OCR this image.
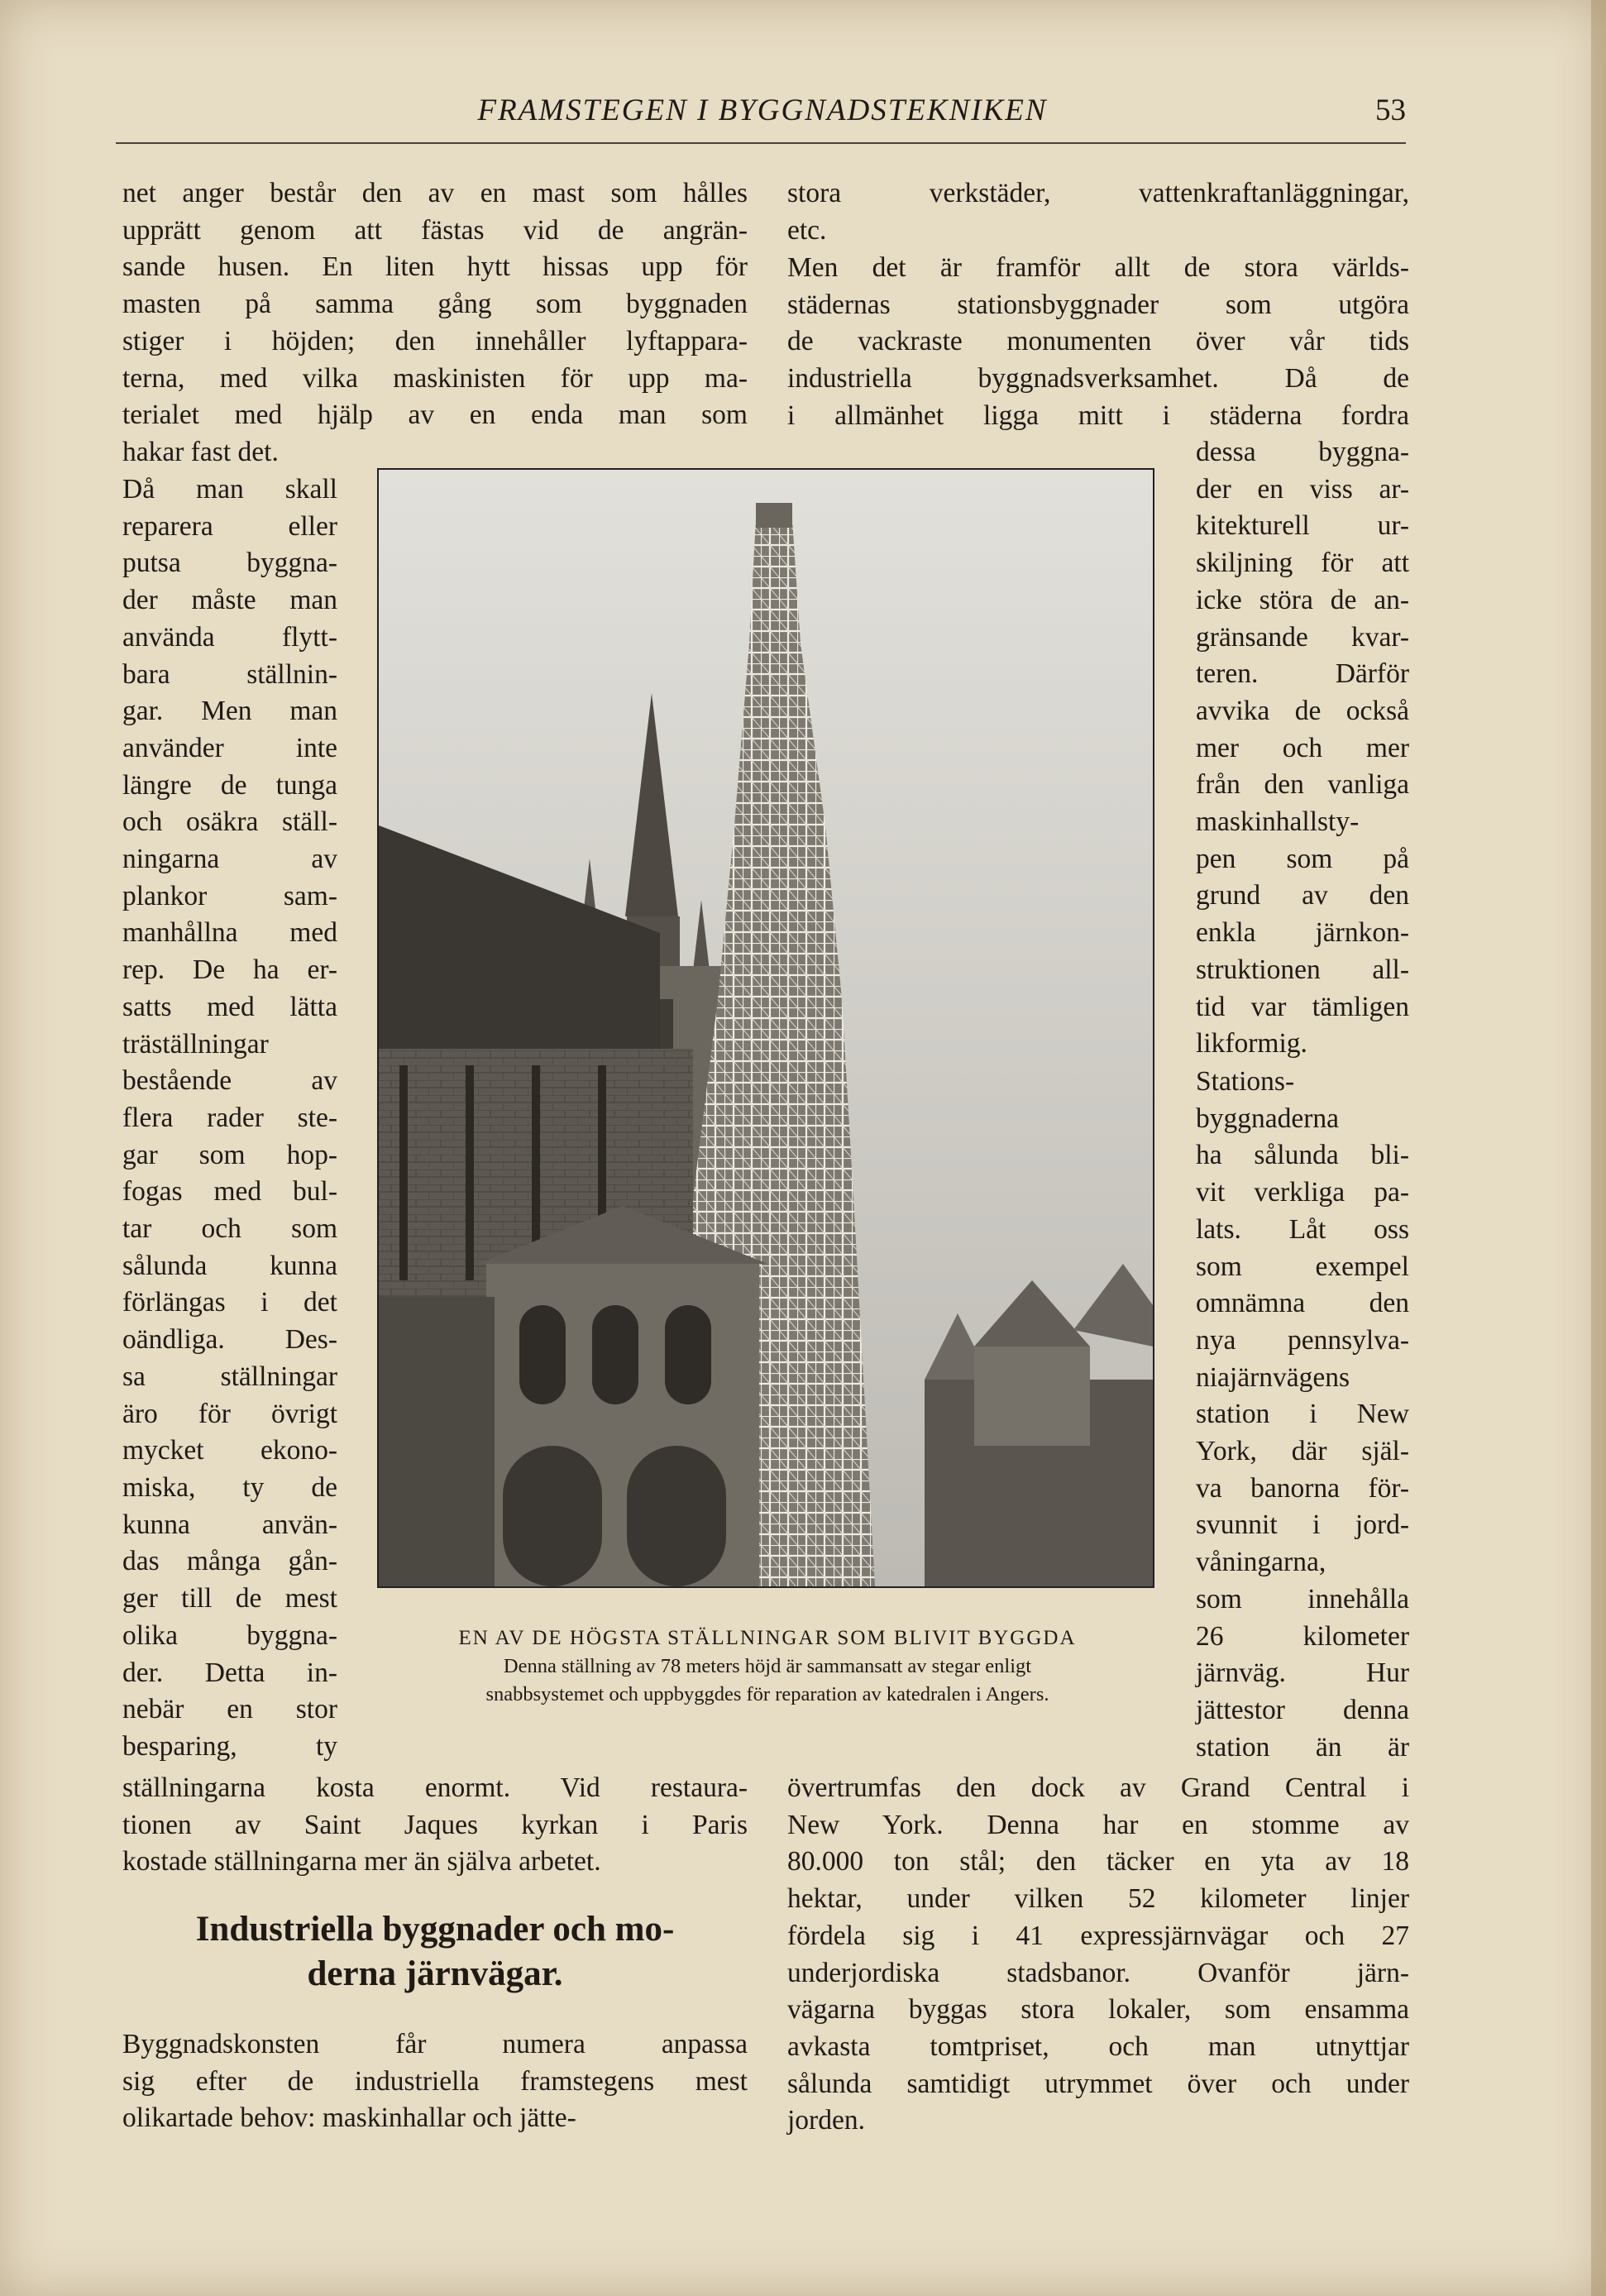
FRAMSTEGEN I BYGGNADSTEKNIKEN	53
net anger består den av en mast som hålles
upprätt genom att fästas vid de angrän-
sande husen. En liten hytt hissas upp för
masten på samma gång som byggnaden
stiger i höjden; den innehåller lyftappara-
terna, med vilka maskinisten för upp ma-
terialet med hjälp av en enda man som
hakar fast det.
Då man skall
reparera eller
putsa byggna-
der måste man
använda flytt-
bara ställnin-
gar. Men man
använder inte
längre de tunga
och osäkra ställ-
ningarna av
plankor sam-
manhållna med
rep. De ha er-
satts med lätta
träställningar
bestående av
flera rader ste-
gar som hop-
fogas med bul-
tar och som
sålunda kunna
förlängas i det
oändliga. Des-
sa ställningar
äro för övrigt
mycket ekono-
miska, ty de
kunna använ-
das många gån-
ger till de mest
olika byggna-
der. Detta in-
nebär en stor
besparing, ty
ställningarna kosta enormt. Vid restaura-
tionen av Saint Jaques kyrkan i Paris
kostade ställningarna mer än själva arbetet.
Industriella byggnader och mo-
derna järnvägar.
Byggnadskonsten får numera anpassa
sig efter de industriella framstegens mest
olikartade behov: maskinhallar och jätte-
stora verkstäder, vattenkraftanläggningar,
etc.
Men det är framför allt de stora världs-
städernas stationsbyggnader som utgöra
de vackraste monumenten över vår tids
industriella byggnadsverksamhet. Då de
i allmänhet ligga mitt i städerna fordra
dessa byggna-
der en viss ar-
kitekturell ur-
skiljning för att
icke störa de an-
gränsande kvar-
teren. Därför
avvika de också
mer och mer
från den vanliga
maskinhallsty-
pen som på
grund av den
enkla järnkon-
struktionen all-
tid var tämligen
likformig.
Stations-
byggnaderna
ha sålunda bli-
vit verkliga pa-
lats. Låt oss
som exempel
omnämna den
nya pennsylva-
niajärnvägens
station i New
York, där själ-
va banorna för-
svunnit i jord-
våningarna,
som innehålla
26 kilometer
järnväg. Hur
jättestor denna
station än är
övertrumfas den dock av Grand Central i
New York. Denna har en stomme av
80.000 ton stål; den täcker en yta av 18
hektar, under vilken 52 kilometer linjer
fördela sig i 41 expressjärnvägar och 27
underjordiska stadsbanor. Ovanför järn-
vägarna byggas stora lokaler, som ensamma
avkasta tomtpriset, och man utnyttjar
sålunda samtidigt utrymmet över och under
jorden.
EN AV DE HÖGSTA STÄLLNINGAR SOM BLIVIT BYGGDA
Denna ställning av 78 meters höjd är sammansatt av stegar enligt
snabbsystemet och uppbyggdes för reparation av katedralen i Angers.
